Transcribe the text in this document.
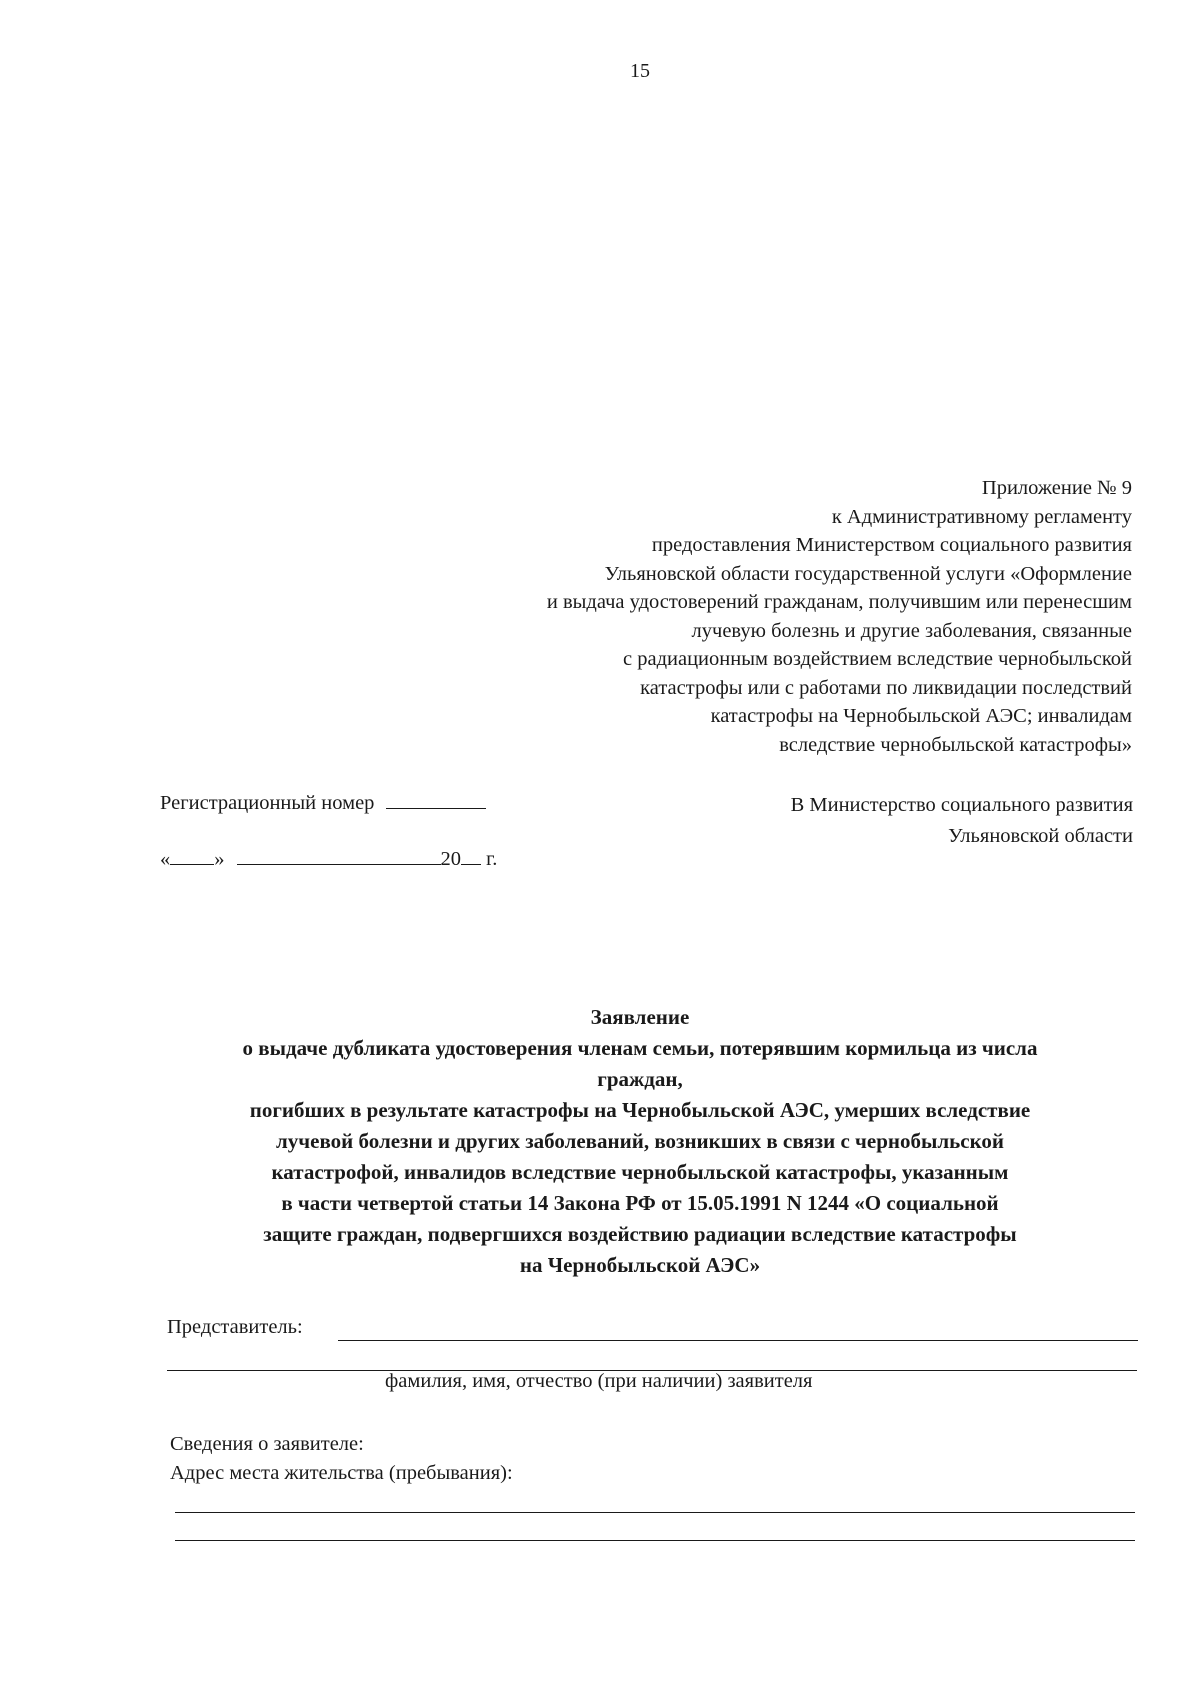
15
Приложение № 9
к Административному регламенту
предоставления Министерством социального развития
Ульяновской области государственной услуги «Оформление
и выдача удостоверений гражданам, получившим или перенесшим
лучевую болезнь и другие заболевания, связанные
с радиационным воздействием вследствие чернобыльской
катастрофы или с работами по ликвидации последствий
катастрофы на Чернобыльской АЭС; инвалидам
вследствие чернобыльской катастрофы»
Регистрационный номер
« »	20 г.
В Министерство социального развития
Ульяновской области
Заявление
о выдаче дубликата удостоверения членам семьи, потерявшим кормильца из числа
граждан,
погибших в результате катастрофы на Чернобыльской АЭС, умерших вследствие
лучевой болезни и других заболеваний, возникших в связи с чернобыльской
катастрофой, инвалидов вследствие чернобыльской катастрофы, указанным
в части четвертой статьи 14 Закона РФ от 15.05.1991 N 1244 «О социальной
защите граждан, подвергшихся воздействию радиации вследствие катастрофы
на Чернобыльской АЭС»
Представитель:
фамилия, имя, отчество (при наличии) заявителя
Сведения о заявителе:
Адрес места жительства (пребывания):
